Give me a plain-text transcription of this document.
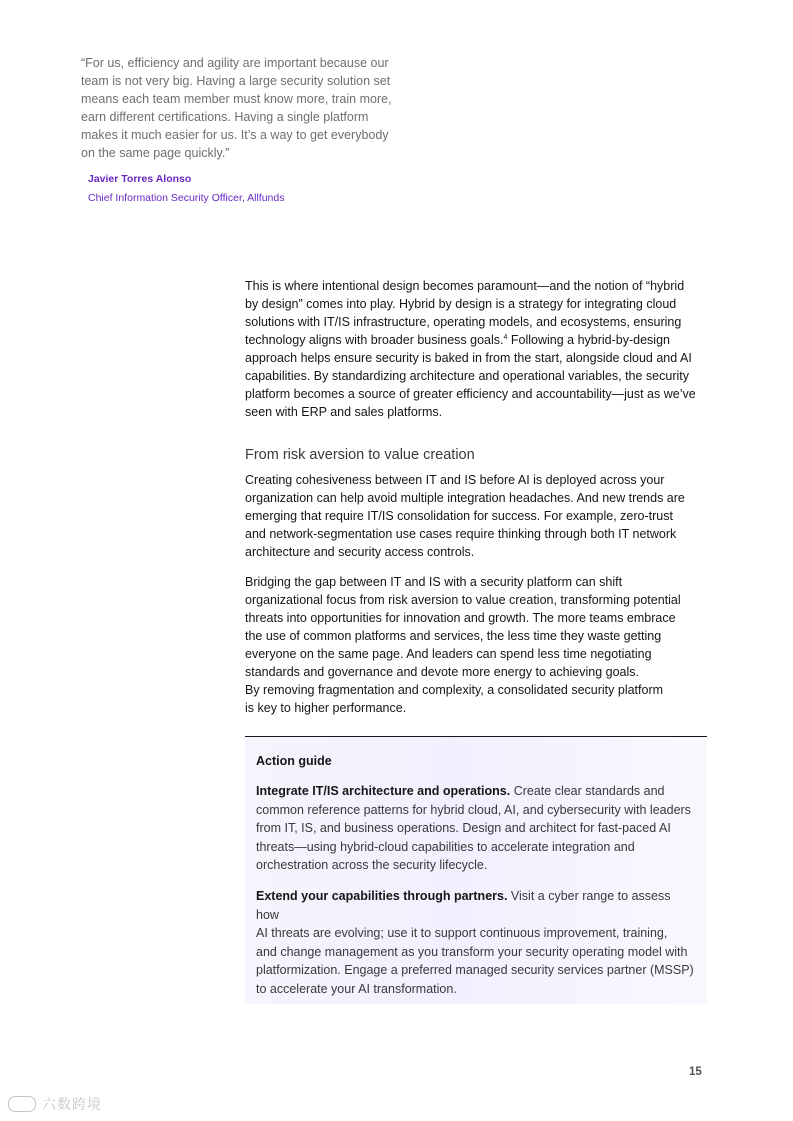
“For us, efficiency and agility are important because our
team is not very big. Having a large security solution set
means each team member must know more, train more,
earn different certifications. Having a single platform
makes it much easier for us. It’s a way to get everybody
on the same page quickly.”

Javier Torres Alonso
Chief Information Security Officer, Allfunds

This is where intentional design becomes paramount—and the notion of “hybrid
by design” comes into play. Hybrid by design is a strategy for integrating cloud
solutions with IT/IS infrastructure, operating models, and ecosystems, ensuring
technology aligns with broader business goals.$^4$ Following a hybrid-by-design
approach helps ensure security is baked in from the start, alongside cloud and AI
capabilities. By standardizing architecture and operational variables, the security
platform becomes a source of greater efficiency and accountability—just as we’ve
seen with ERP and sales platforms.

From risk aversion to value creation

Creating cohesiveness between IT and IS before AI is deployed across your
organization can help avoid multiple integration headaches. And new trends are
emerging that require IT/IS consolidation for success. For example, zero-trust
and network-segmentation use cases require thinking through both IT network
architecture and security access controls.

Bridging the gap between IT and IS with a security platform can shift
organizational focus from risk aversion to value creation, transforming potential
threats into opportunities for innovation and growth. The more teams embrace
the use of common platforms and services, the less time they waste getting
everyone on the same page. And leaders can spend less time negotiating
standards and governance and devote more energy to achieving goals.
By removing fragmentation and complexity, a consolidated security platform
is key to higher performance.

Action guide

Integrate IT/IS architecture and operations. Create clear standards and
common reference patterns for hybrid cloud, AI, and cybersecurity with leaders
from IT, IS, and business operations. Design and architect for fast-paced AI
threats—using hybrid-cloud capabilities to accelerate integration and
orchestration across the security lifecycle.

Extend your capabilities through partners. Visit a cyber range to assess how
AI threats are evolving; use it to support continuous improvement, training,
and change management as you transform your security operating model with
platformization. Engage a preferred managed security services partner (MSSP)
to accelerate your AI transformation.

15
六数跨境
